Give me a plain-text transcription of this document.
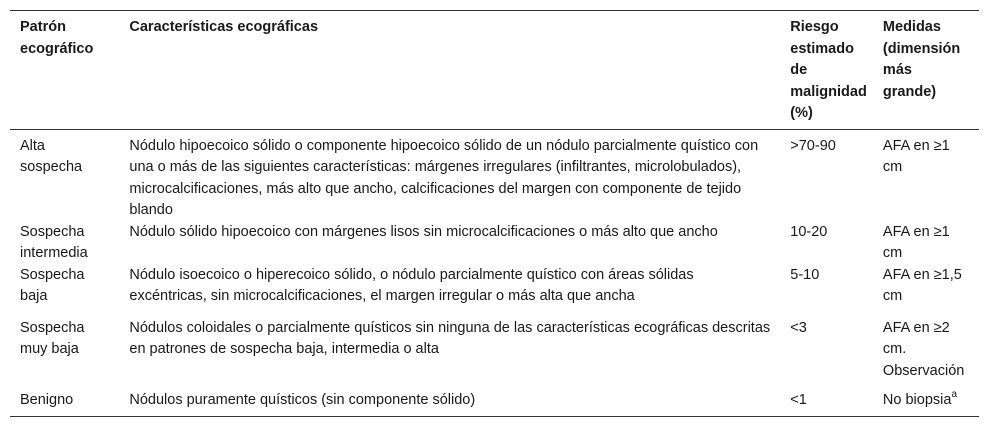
Patrón ecográfico	Características ecográficas	Riesgo estimado de malignidad (%)	Medidas (dimensión más grande)
Alta sospecha	Nódulo hipoecoico sólido o componente hipoecoico sólido de un nódulo parcialmente quístico con una o más de las siguientes características: márgenes irregulares (infiltrantes, microlobulados), microcalcificaciones, más alto que ancho, calcificaciones del margen con componente de tejido blando	>70-90	AFA en ≥1 cm
Sospecha intermedia	Nódulo sólido hipoecoico con márgenes lisos sin microcalcificaciones o más alto que ancho	10-20	AFA en ≥1 cm
Sospecha baja	Nódulo isoecoico o hiperecoico sólido, o nódulo parcialmente quístico con áreas sólidas excéntricas, sin microcalcificaciones, el margen irregular o más alta que ancha	5-10	AFA en ≥1,5 cm
Sospecha muy baja	Nódulos coloidales o parcialmente quísticos sin ninguna de las características ecográficas descritas en patrones de sospecha baja, intermedia o alta	<3	AFA en ≥2 cm. Observación
Benigno	Nódulos puramente quísticos (sin componente sólido)	<1	No biopsia$^a$
